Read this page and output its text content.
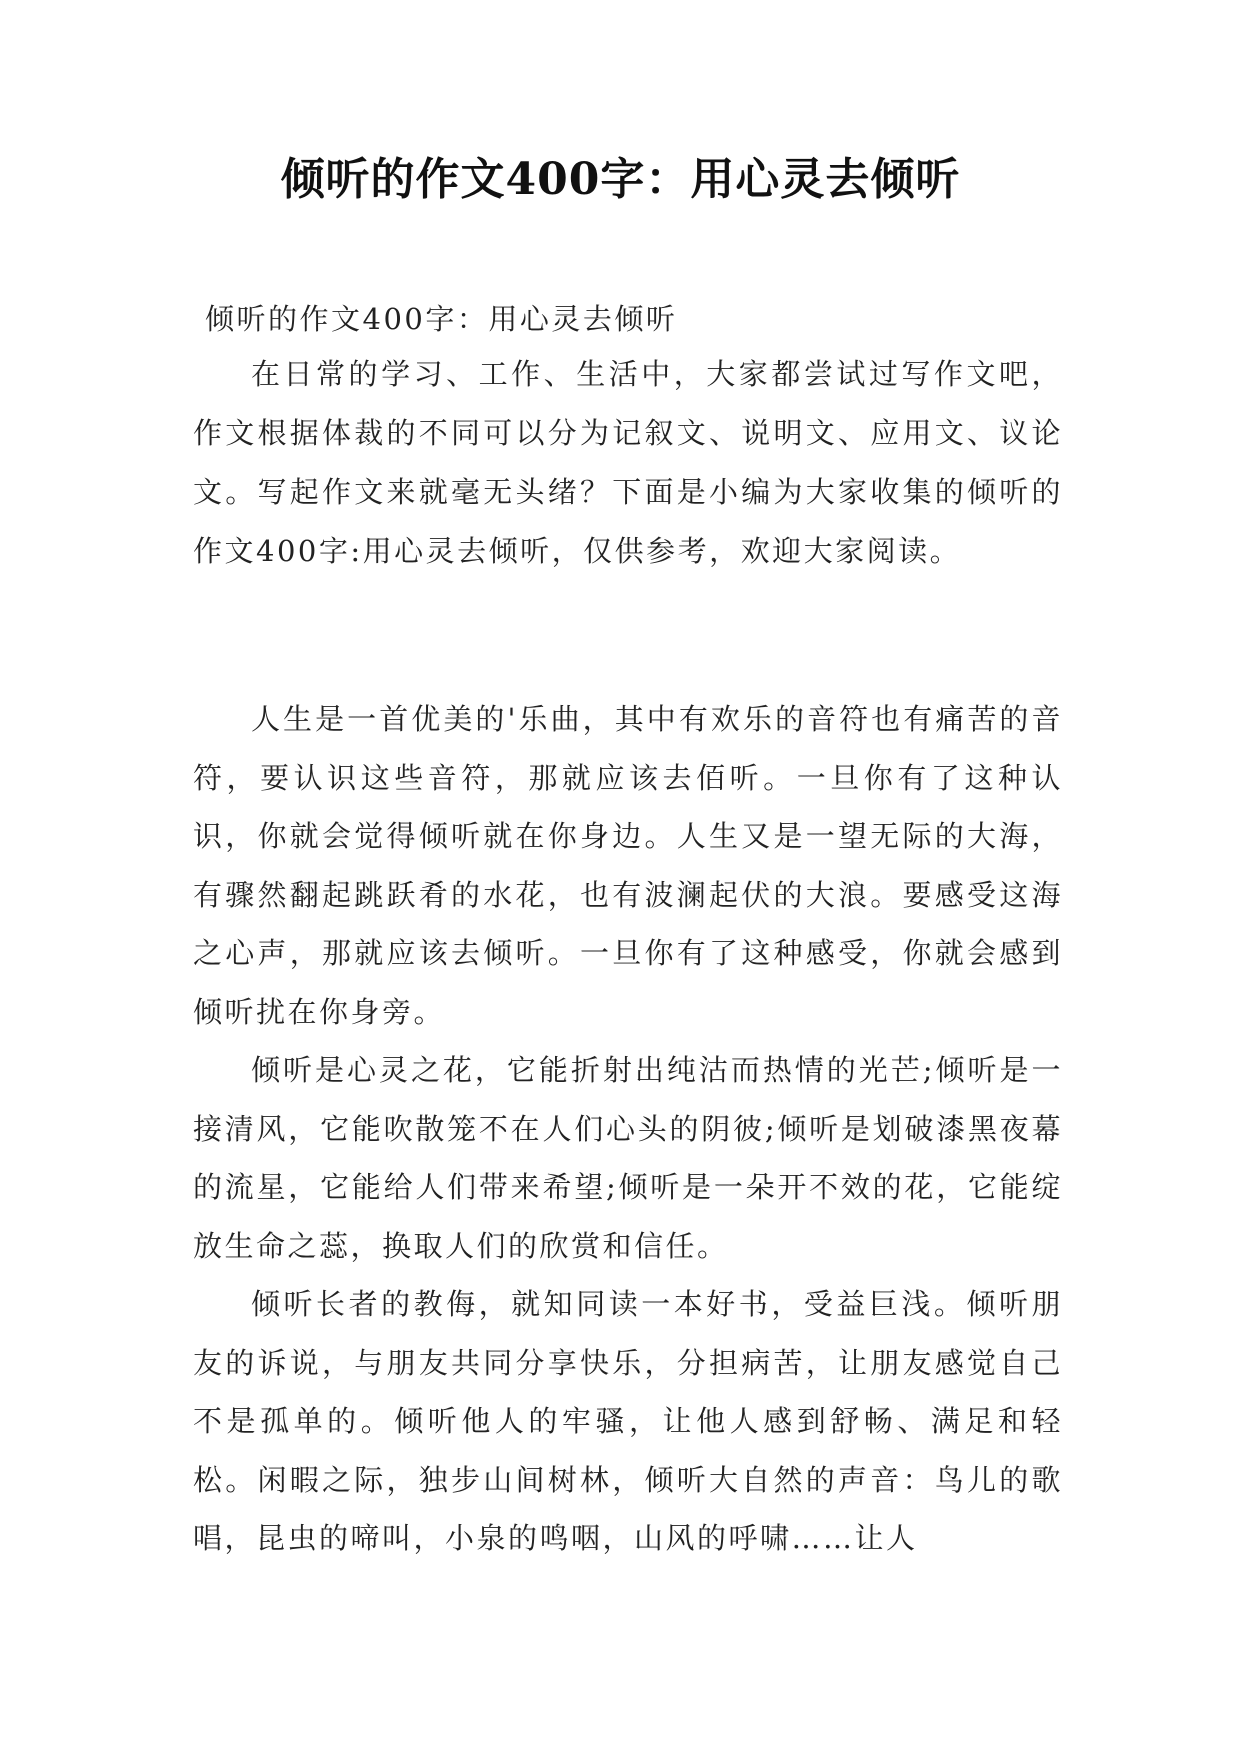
倾听的作文400字：用心灵去倾听
倾听的作文400字：用心灵去倾听

在日常的学习、工作、生活中，大家都尝试过写作文吧，作文根据体裁的不同可以分为记叙文、说明文、应用文、议论文。写起作文来就毫无头绪？下面是小编为大家收集的倾听的作文400字:用心灵去倾听，仅供参考，欢迎大家阅读。

人生是一首优美的'乐曲，其中有欢乐的音符也有痛苦的音符，要认识这些音符，那就应该去佰听。一旦你有了这种认识，你就会觉得倾听就在你身边。人生又是一望无际的大海，有骤然翻起跳跃肴的水花，也有波澜起伏的大浪。要感受这海之心声，那就应该去倾听。一旦你有了这种感受，你就会感到倾听扰在你身旁。

倾听是心灵之花，它能折射出纯沽而热情的光芒;倾听是一接清风，它能吹散笼不在人们心头的阴彼;倾听是划破漆黑夜幕的流星，它能给人们带来希望;倾听是一朵开不效的花，它能绽放生命之蕊，换取人们的欣赏和信任。

倾听长者的教侮，就知同读一本好书，受益巨浅。倾听朋友的诉说，与朋友共同分享快乐，分担病苦，让朋友感觉自己不是孤单的。倾听他人的牢骚，让他人感到舒畅、满足和轻松。闲暇之际，独步山间树林，倾听大自然的声音：鸟儿的歌唱，昆虫的啼叫，小泉的鸣咽，山风的呼啸……让人
